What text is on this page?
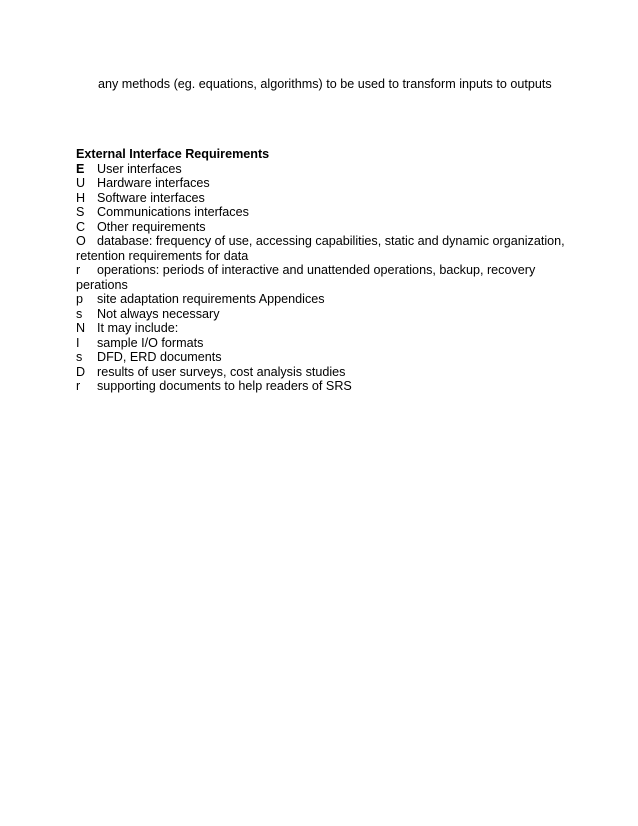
any methods (eg. equations, algorithms) to be used to transform inputs to outputs
External Interface Requirements
E User interfaces
U Hardware interfaces
H Software interfaces
S Communications interfaces
C Other requirements
O database: frequency of use, accessing capabilities, static and dynamic organization,
retention requirements for data
r	operations: periods of interactive and unattended operations, backup, recovery
perations
p	site adaptation requirements Appendices
s	Not always necessary
N It may include:
I	sample I/O formats
s	DFD, ERD documents
D results of user surveys, cost analysis studies
r	supporting documents to help readers of SRS
